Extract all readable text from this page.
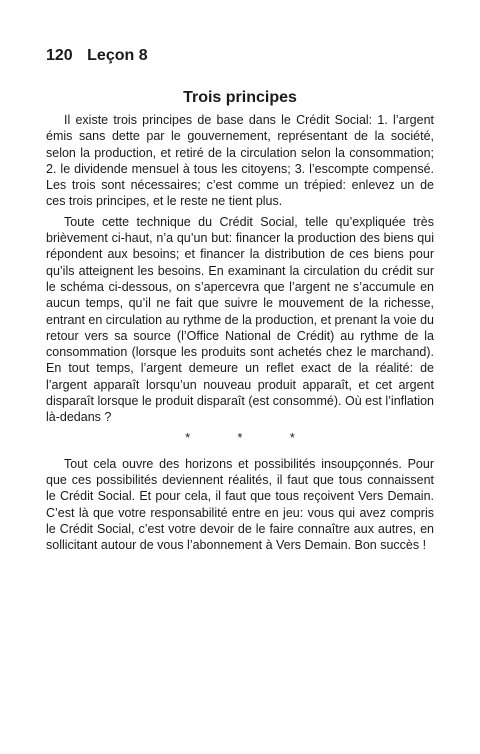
120 Leçon 8
Trois principes

Il existe trois principes de base dans le Crédit Social: 1. l’argent émis sans dette par le gouvernement, représentant de la société, selon la production, et retiré de la circulation selon la consommation; 2. le dividende mensuel à tous les citoyens; 3. l’escompte compensé. Les trois sont nécessaires; c’est comme un trépied: enlevez un de ces trois principes, et le reste ne tient plus.

Toute cette technique du Crédit Social, telle qu’expliquée très brièvement ci-haut, n’a qu’un but: financer la production des biens qui répondent aux besoins; et financer la distribution de ces biens pour qu’ils atteignent les besoins. En examinant la circulation du crédit sur le schéma ci-dessous, on s’apercevra que l’argent ne s’accumule en aucun temps, qu’il ne fait que suivre le mouvement de la richesse, entrant en circulation au rythme de la production, et prenant la voie du retour vers sa source (l’Office National de Crédit) au rythme de la consommation (lorsque les produits sont achetés chez le marchand). En tout temps, l’argent demeure un reflet exact de la réalité: de l’argent apparaît lorsqu’un nouveau produit apparaît, et cet argent disparaît lorsque le produit disparaît (est consommé). Où est l’inflation là-dedans ?

* * *

Tout cela ouvre des horizons et possibilités insoupçonnés. Pour que ces possibilités deviennent réalités, il faut que tous connaissent le Crédit Social. Et pour cela, il faut que tous reçoivent Vers Demain. C’est là que votre responsabilité entre en jeu: vous qui avez compris le Crédit Social, c’est votre devoir de le faire connaître aux autres, en sollicitant autour de vous l’abonnement à Vers Demain. Bon succès !
